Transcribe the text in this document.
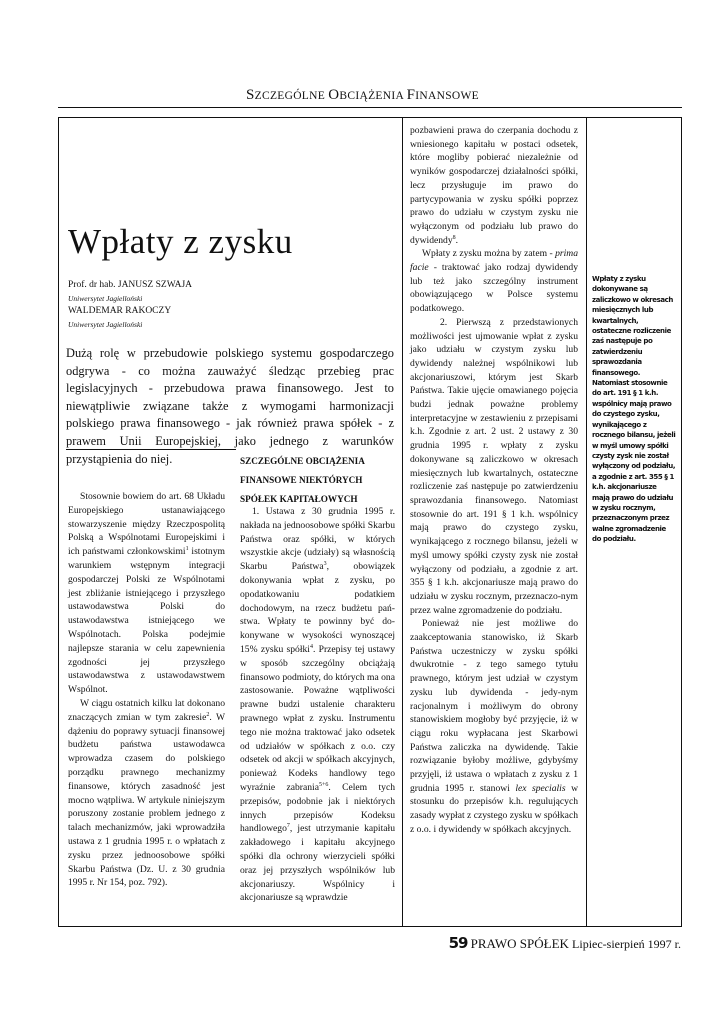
SZCZEGÓLNE OBCIĄŻENIA FINANSOWE
Wpłaty z zysku
Prof. dr hab. JANUSZ SZWAJA
Uniwersytet Jagielloński
WALDEMAR RAKOCZY
Uniwersytet Jagielloński
Dużą rolę w przebudowie polskiego systemu gospodarczego odgrywa - co można zauważyć śledząc przebieg prac legislacyjnych - przebudowa prawa finansowego. Jest to niewątpliwie związane także z wymogami harmonizacji polskiego prawa finansowego - jak również prawa spółek - z prawem Unii Europejskiej, jako jednego z warunków przystąpienia do niej.

Stosownie bowiem do art. 68 Układu Europejskiego ustanawiającego stowarzyszenie między Rzeczpospolitą Polską a Wspólnotami Europejskimi i ich państwami członkowskimi$^1$ istotnym warunkiem wstępnym integracji gospodarczej Polski ze Wspólnotami jest zbliżanie istniejącego i przyszłego ustawodawstwa Polski do ustawodawstwa istniejącego we Wspólnotach. Polska podejmie najlepsze starania w celu zapewnienia zgodności jej przyszłego ustawodawstwa z ustawodawstwem Wspólnot.

W ciągu ostatnich kilku lat dokonano znaczących zmian w tym zakresie$^2$. W dążeniu do poprawy sytuacji finansowej budżetu państwa ustawodawca wprowadza czasem do polskiego porządku prawnego mechanizmy finansowe, których zasadność jest mocno wątpliwa. W artykule niniejszym poruszony zostanie problem jednego z talach mechanizmów, jaki wprowadziła ustawa z 1 grudnia 1995 r. o wpłatach z zysku przez jednoosobowe spółki Skarbu Państwa (Dz. U. z 30 grudnia 1995 r. Nr 154, poz. 792).

SZCZEGÓLNE OBCIĄŻENIA
FINANSOWE NIEKTÓRYCH
SPÓŁEK KAPITAŁOWYCH

1. Ustawa z 30 grudnia 1995 r. nakłada na jednoosobowe spółki Skarbu Państwa oraz spółki, w których wszystkie akcje (udziały) są własnością Skarbu Państwa$^3$, obowiązek dokonywania wpłat z zysku, po opodatkowaniu podatkiem dochodowym, na rzecz budżetu pań-stwa. Wpłaty te powinny być do-konywane w wysokości wynoszącej 15% zysku spółki$^4$. Przepisy tej ustawy w sposób szczególny obciążają finansowo podmioty, do których ma ona zastosowanie. Poważne wątpliwości prawne budzi ustalenie charakteru prawnego wpłat z zysku. Instrumentu tego nie można traktować jako odsetek od udziałów w spółkach z o.o. czy odsetek od akcji w spółkach akcyjnych, ponieważ Kodeks handlowy tego wyraźnie zabrania$^{5+6}$. Celem tych przepisów, podobnie jak i niektórych innych przepisów Kodeksu handlowego$^7$, jest utrzymanie kapitału zakładowego i kapitału akcyjnego spółki dla ochrony wierzycieli spółki oraz jej przyszłych wspólników lub akcjonariuszy. Wspólnicy i akcjonariusze są wprawdzie

pozbawieni prawa do czerpania dochodu z wniesionego kapitału w postaci odsetek, które mogliby pobierać niezależnie od wyników gospodarczej działalności spółki, lecz przysługuje im prawo do partycypowania w zysku spółki poprzez prawo do udziału w czystym zysku nie wyłączonym od podziału lub prawo do dywidendy$^8$.

Wpłaty z zysku można by zatem - prima facie - traktować jako rodzaj dywidendy lub też jako szczególny instrument obowiązującego w Polsce systemu podatkowego.

2. Pierwszą z przedstawionych możliwości jest ujmowanie wpłat z zysku jako udziału w czystym zysku lub dywidendy należnej wspólnikowi lub akcjonariuszowi, którym jest Skarb Państwa. Takie ujęcie omawianego pojęcia budzi jednak poważne problemy interpretacyjne w zestawieniu z przepisami k.h. Zgodnie z art. 2 ust. 2 ustawy z 30 grudnia 1995 r. wpłaty z zysku dokonywane są zaliczkowo w okresach miesięcznych lub kwartalnych, ostateczne rozliczenie zaś następuje po zatwierdzeniu sprawozdania finansowego. Natomiast stosownie do art. 191 § 1 k.h. wspólnicy mają prawo do czystego zysku, wynikającego z rocznego bilansu, jeżeli w myśl umowy spółki czysty zysk nie został wyłączony od podziału, a zgodnie z art. 355 § 1 k.h. akcjonariusze mają prawo do udziału w zysku rocznym, przeznaczo-nym przez walne zgromadzenie do podziału.

Ponieważ nie jest możliwe do zaakceptowania stanowisko, iż Skarb Państwa uczestniczy w zysku spółki dwukrotnie - z tego samego tytułu prawnego, którym jest udział w czystym zysku lub dywidenda - jedy-nym racjonalnym i możliwym do obrony stanowiskiem mogłoby być przyjęcie, iż w ciągu roku wypłacana jest Skarbowi Państwa zaliczka na dywidendę. Takie rozwiązanie byłoby możliwe, gdybyśmy przyjęli, iż ustawa o wpłatach z zysku z 1 grudnia 1995 r. stanowi lex specialis w stosunku do przepisów k.h. regulujących zasady wypłat z czystego zysku w spółkach z o.o. i dywidendy w spółkach akcyjnych.

Wpłaty z zysku dokonywane są zaliczkowo w okresach miesięcznych lub kwartalnych, ostateczne rozliczenie zaś następuje po zatwierdzeniu sprawozdania finansowego. Natomiast stosownie do art. 191 § 1 k.h. wspólnicy mają prawo do czystego zysku, wynikającego z rocznego bilansu, jeżeli w myśl umowy spółki czysty zysk nie został wyłączony od podziału, a zgodnie z art. 355 § 1 k.h. akcjonariusze mają prawo do udziału w zysku rocznym, przeznaczonym przez walne zgromadzenie do podziału.
59 PRAWO SPÓŁEK Lipiec-sierpień 1997 r.
